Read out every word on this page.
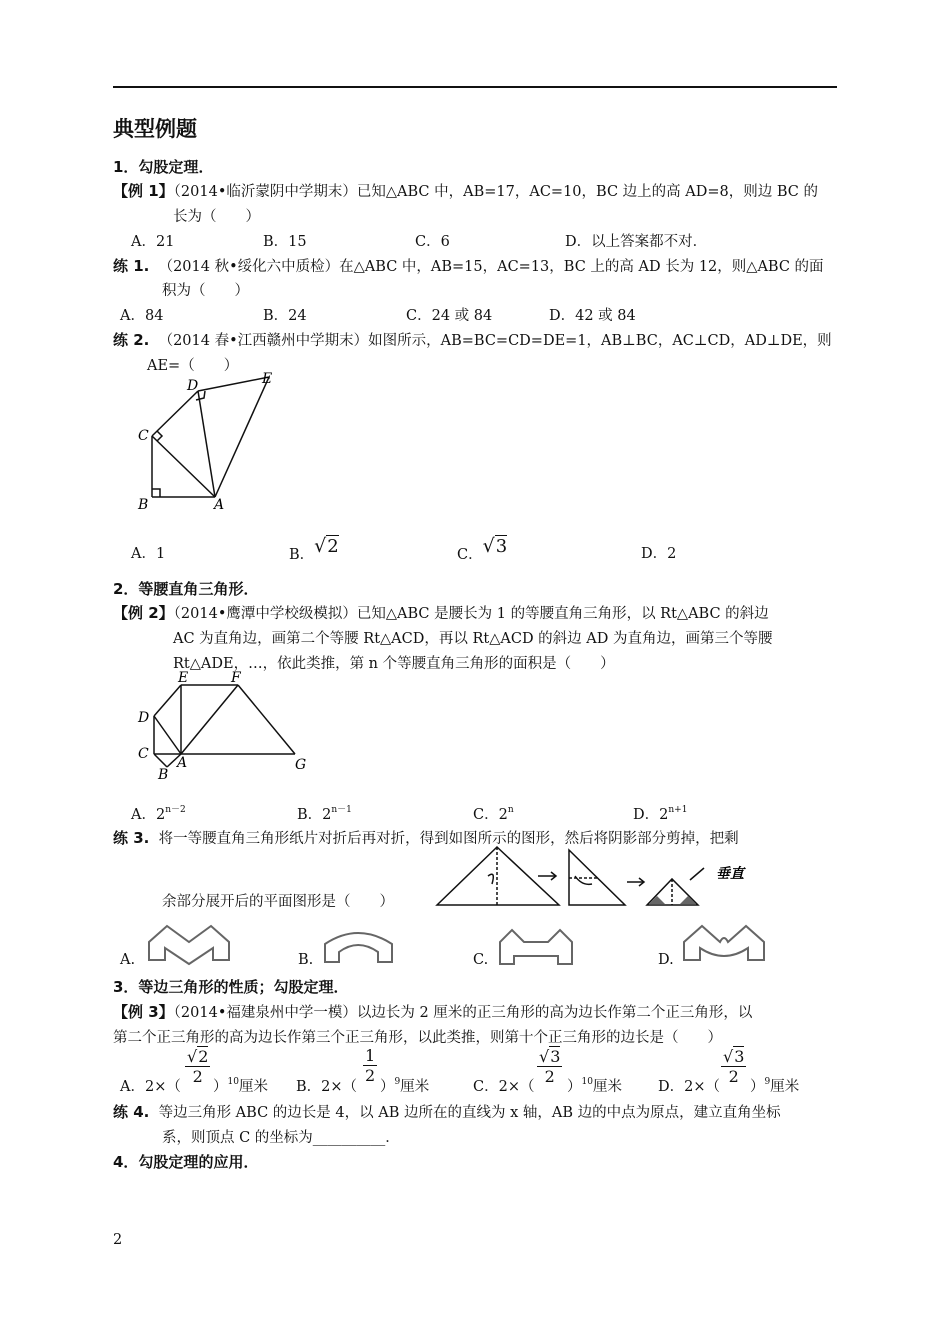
典型例题
1．勾股定理．
【例 1】（2014•临沂蒙阴中学期末）已知△ABC 中，AB=17，AC=10，BC 边上的高 AD=8，则边 BC 的
长为（　　）
A．21	B．15	C．6	D．以上答案都不对．
练 1. （2014 秋•绥化六中质检）在△ABC 中，AB=15，AC=13，BC 上的高 AD 长为 12，则△ABC 的面
积为（　　）
A．84	B．24	C．24 或 84	D．42 或 84
练 2. （2014 春•江西赣州中学期末）如图所示，AB=BC=CD=DE=1，AB⊥BC，AC⊥CD，AD⊥DE，则
AE=（　　）
D	E
C
B	A
A．1	B．√2	C．√3	D．2
2．等腰直角三角形．
【例 2】（2014•鹰潭中学校级模拟）已知△ABC 是腰长为 1 的等腰直角三角形，以 Rt△ABC 的斜边
AC 为直角边，画第二个等腰 Rt△ACD，再以 Rt△ACD 的斜边 AD 为直角边，画第三个等腰
Rt△ADE，…，依此类推，第 n 个等腰直角三角形的面积是（　　）
E	F
D
C
B
A	G
A．$2^{n-2}$	B．$2^{n-1}$	C．2$^n$	D．$2^{n+1}$
练 3. 将一等腰直角三角形纸片对折后再对折，得到如图所示的图形，然后将阴影部分剪掉，把剩
余部分展开后的平面图形是（　　）
垂直
A.	B.	C.	D.
3．等边三角形的性质；勾股定理．
【例 3】（2014•福建泉州中学一模）以边长为 2 厘米的正三角形的高为边长作第二个正三角形，以
第二个正三角形的高为边长作第三个正三角形，以此类推，则第十个正三角形的边长是（　　）
A．2×（
$\frac{√2}{2}$
）$^{10}$厘米 B．2×（
$\frac{1}{2}$
）$^9$厘米	C．2×（
$\frac{√3}{2}$
）$^{10}$厘米 D．2×（
$\frac{√3}{2}$
）$^9$厘米
练 4. 等边三角形 ABC 的边长是 4，以 AB 边所在的直线为 x 轴，AB 边的中点为原点，建立直角坐标
系，则顶点 C 的坐标为__________．
4．勾股定理的应用．
2
